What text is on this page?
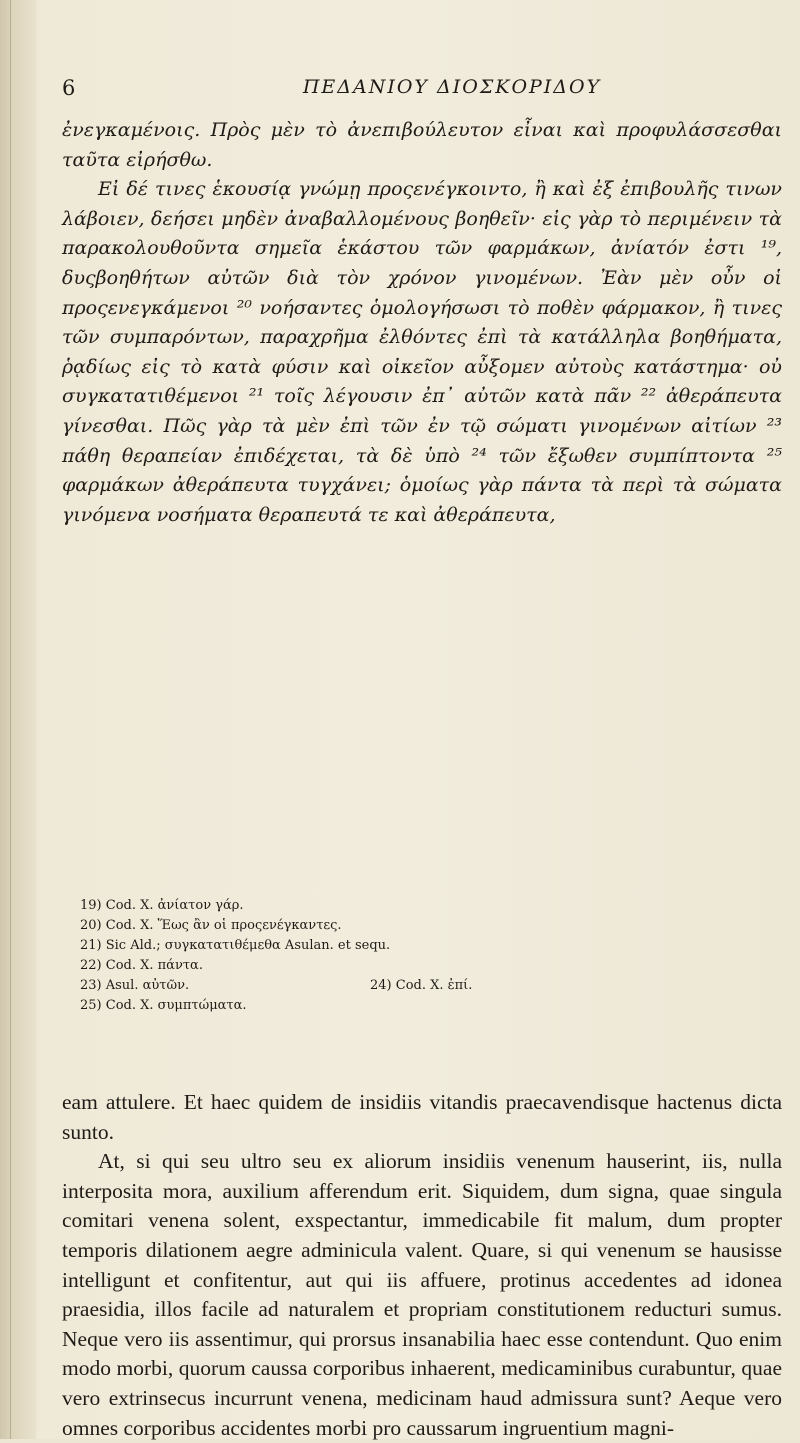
6	ΠΕΔΑΝΙΟΥ ΔΙΟΣΚΟΡΙΔΟΥ

ἐνεγκαμένοις. Πρὸς μὲν τὸ ἀνεπιβούλευτον εἶναι καὶ προφυλάσσεσθαι ταῦτα εἰρήσθω.

Εἰ δέ τινες ἑκουσίᾳ γνώμῃ προςενέγκοιντο, ἢ καὶ ἐξ ἐπιβουλῆς τινων λάβοιεν, δεήσει μηδὲν ἀναβαλλομένους βοηθεῖν· εἰς γὰρ τὸ περιμένειν τὰ παρακολουθοῦντα σημεῖα ἑκάστου τῶν φαρμάκων, ἀνίατόν ἐστι ¹⁹, δυςβοηθήτων αὐτῶν διὰ τὸν χρόνον γινομένων. Ἐὰν μὲν οὖν οἱ προςενεγκάμενοι ²⁰ νοήσαντες ὁμολογήσωσι τὸ ποθὲν φάρμακον, ἢ τινες τῶν συμπαρόντων, παραχρῆμα ἐλθόντες ἐπὶ τὰ κατάλληλα βοηθήματα, ῥᾳδίως εἰς τὸ κατὰ φύσιν καὶ οἰκεῖον αὖξομεν αὐτοὺς κατάστημα· οὐ συγκατατιθέμενοι ²¹ τοῖς λέγουσιν ἐπ᾽ αὐτῶν κατὰ πᾶν ²² ἀθεράπευτα γίνεσθαι. Πῶς γὰρ τὰ μὲν ἐπὶ τῶν ἐν τῷ σώματι γινομένων αἰτίων ²³ πάθη θεραπείαν ἐπιδέχεται, τὰ δὲ ὑπὸ ²⁴ τῶν ἔξωθεν συμπίπτοντα ²⁵ φαρμάκων ἀθεράπευτα τυγχάνει; ὁμοίως γὰρ πάντα τὰ περὶ τὰ σώματα γινόμενα νοσήματα θεραπευτά τε καὶ ἀθεράπευτα,

19) Cod. X. ἀνίατον γάρ.
20) Cod. X. Ἕως ἂν οἱ προςενέγκαντες.
21) Sic Ald.; συγκατατιθέμεθα Asulan. et sequ.
22) Cod. X. πάντα.
23) Asul. αὐτῶν.	24) Cod. X. ἐπί.
25) Cod. X. συμπτώματα.

eam attulere. Et haec quidem de insidiis vitandis praecavendisque hactenus dicta sunto.

At, si qui seu ultro seu ex aliorum insidiis venenum hauserint, iis, nulla interposita mora, auxilium afferendum erit. Siquidem, dum signa, quae singula comitari venena solent, exspectantur, immedicabile fit malum, dum propter temporis dilationem aegre adminicula valent. Quare, si qui venenum se hausisse intelligunt et confitentur, aut qui iis affuere, protinus accedentes ad idonea praesidia, illos facile ad naturalem et propriam constitutionem reducturi sumus. Neque vero iis assentimur, qui prorsus insanabilia haec esse contendunt. Quo enim modo morbi, quorum caussa corporibus inhaerent, medicaminibus curabuntur, quae vero extrinsecus incurrunt venena, medicinam haud admissura sunt? Aeque vero omnes corporibus accidentes morbi pro caussarum ingruentium magni-
